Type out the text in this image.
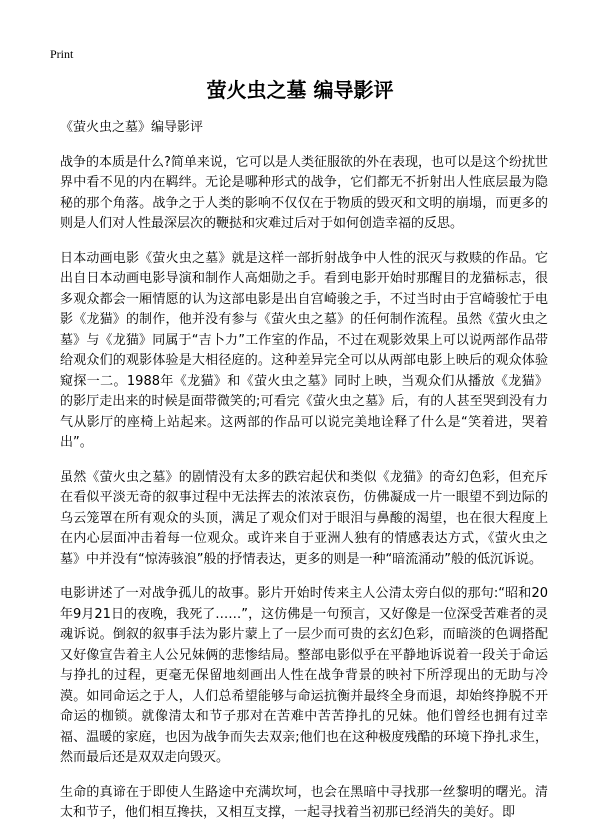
Print
萤火虫之墓 编导影评

《萤火虫之墓》编导影评

战争的本质是什么?简单来说，它可以是人类征服欲的外在表现，也可以是这个纷扰世界中看不见的内在羁绊。无论是哪种形式的战争，它们都无不折射出人性底层最为隐秘的那个角落。战争之于人类的影响不仅仅在于物质的毁灭和文明的崩塌，而更多的则是人们对人性最深层次的鞭挞和灾难过后对于如何创造幸福的反思。

日本动画电影《萤火虫之墓》就是这样一部折射战争中人性的泯灭与救赎的作品。它出自日本动画电影导演和制作人高畑勋之手。看到电影开始时那醒目的龙猫标志，很多观众都会一厢情愿的认为这部电影是出自宫崎骏之手，不过当时由于宫崎骏忙于电影《龙猫》的制作，他并没有参与《萤火虫之墓》的任何制作流程。虽然《萤火虫之墓》与《龙猫》同属于“吉卜力”工作室的作品，不过在观影效果上可以说两部作品带给观众们的观影体验是大相径庭的。这种差异完全可以从两部电影上映后的观众体验窥探一二。1988年《龙猫》和《萤火虫之墓》同时上映，当观众们从播放《龙猫》的影厅走出来的时候是面带微笑的;可看完《萤火虫之墓》后，有的人甚至哭到没有力气从影厅的座椅上站起来。这两部的作品可以说完美地诠释了什么是“笑着进，哭着出”。

虽然《萤火虫之墓》的剧情没有太多的跌宕起伏和类似《龙猫》的奇幻色彩，但充斥在看似平淡无奇的叙事过程中无法挥去的浓浓哀伤，仿佛凝成一片一眼望不到边际的乌云笼罩在所有观众的头顶，满足了观众们对于眼泪与鼻酸的渴望，也在很大程度上在内心层面冲击着每一位观众。或许来自于亚洲人独有的情感表达方式，《萤火虫之墓》中并没有“惊涛骇浪”般的抒情表达，更多的则是一种“暗流涌动”般的低沉诉说。

电影讲述了一对战争孤儿的故事。影片开始时传来主人公清太旁白似的那句:“昭和20年9月21日的夜晚，我死了……”，这仿佛是一句预言，又好像是一位深受苦难者的灵魂诉说。倒叙的叙事手法为影片蒙上了一层少而可贵的玄幻色彩，而暗淡的色调搭配又好像宣告着主人公兄妹俩的悲惨结局。整部电影似乎在平静地诉说着一段关于命运与挣扎的过程，更毫无保留地刻画出人性在战争背景的映衬下所浮现出的无助与冷漠。如同命运之于人，人们总希望能够与命运抗衡并最终全身而退，却始终挣脱不开命运的枷锁。就像清太和节子那对在苦难中苦苦挣扎的兄妹。他们曾经也拥有过幸福、温暖的家庭，也因为战争而失去双亲;他们也在这种极度残酷的环境下挣扎求生，然而最后还是双双走向毁灭。

生命的真谛在于即使人生路途中充满坎坷，也会在黑暗中寻找那一丝黎明的曙光。清太和节子，他们相互搀扶，又相互支撑，一起寻找着当初那已经消失的美好。即
